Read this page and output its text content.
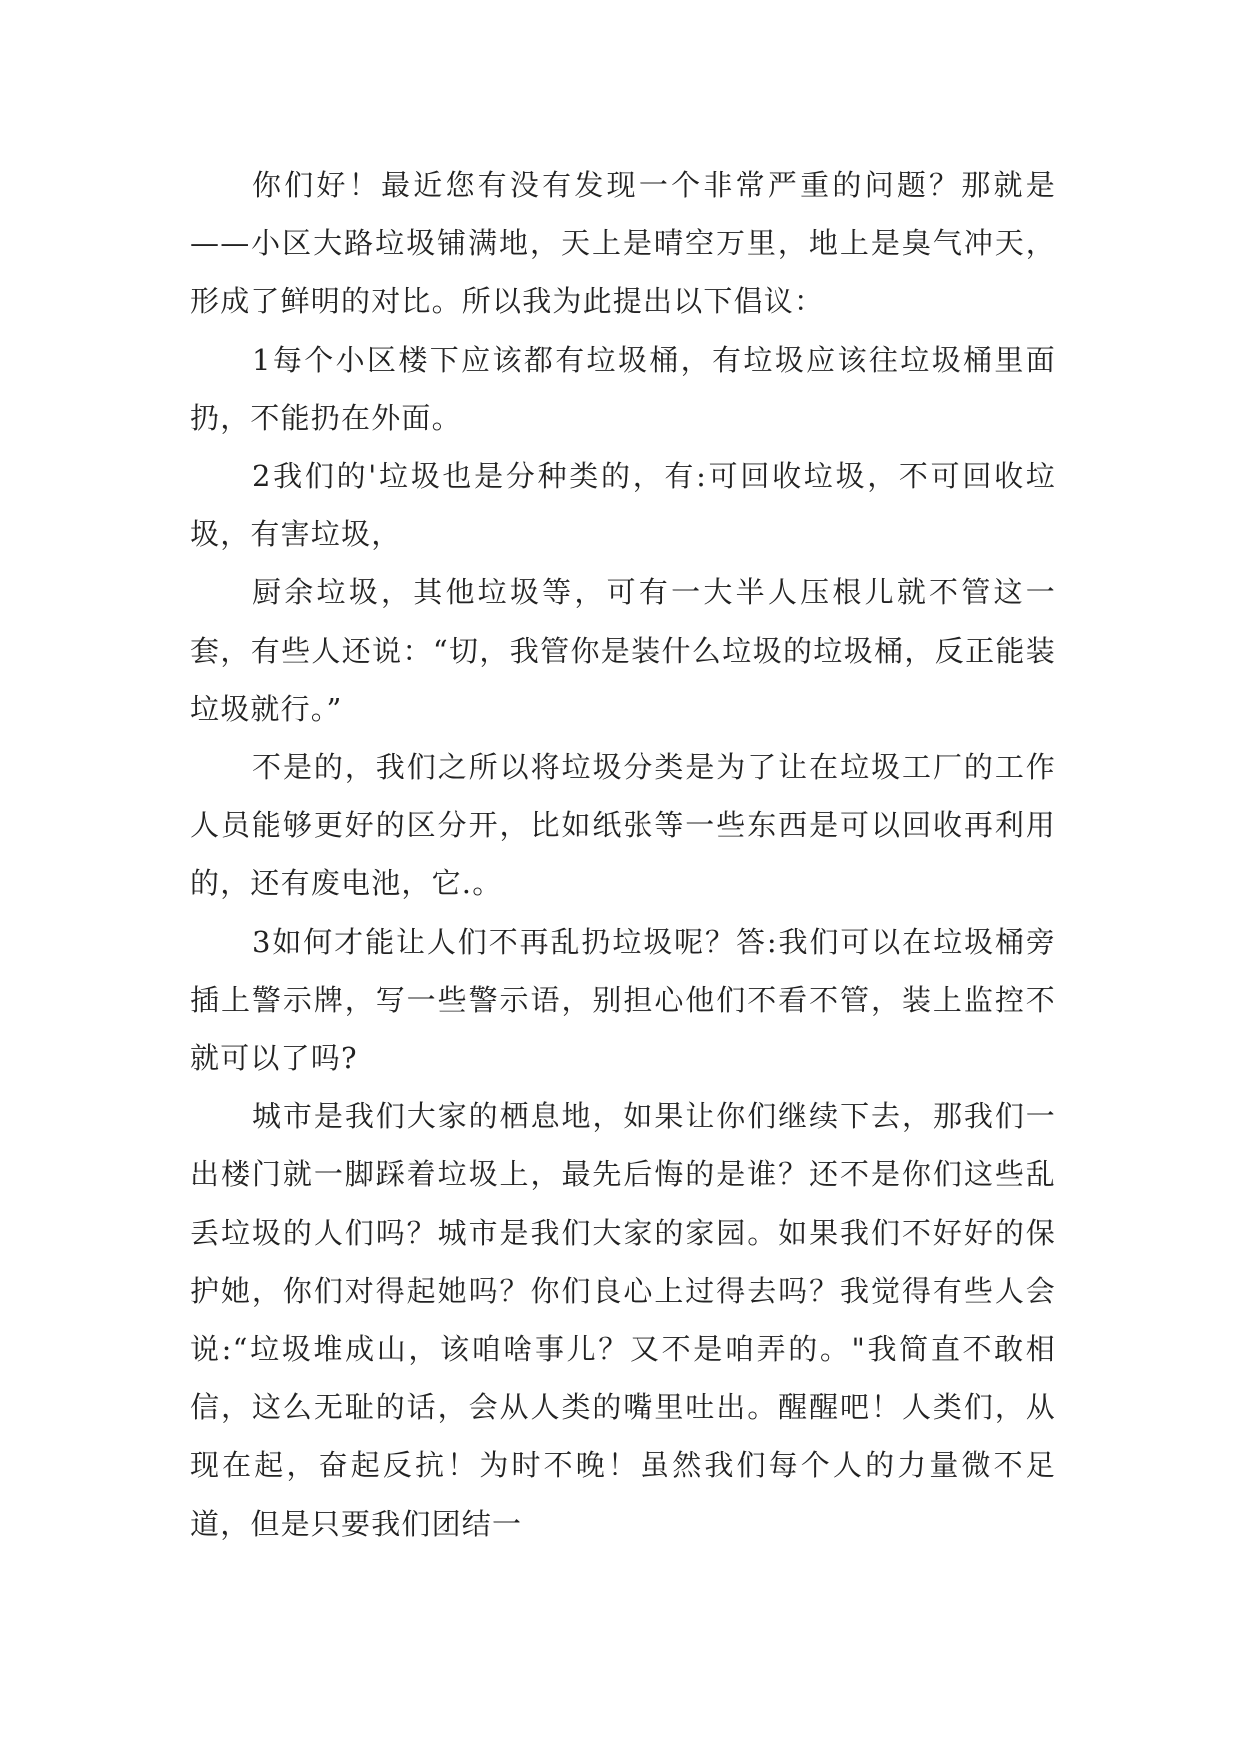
你们好！最近您有没有发现一个非常严重的问题？那就是——小区大路垃圾铺满地，天上是晴空万里，地上是臭气冲天，形成了鲜明的对比。所以我为此提出以下倡议：

1每个小区楼下应该都有垃圾桶，有垃圾应该往垃圾桶里面扔，不能扔在外面。

2我们的'垃圾也是分种类的，有:可回收垃圾，不可回收垃圾，有害垃圾，

厨余垃圾，其他垃圾等，可有一大半人压根儿就不管这一套，有些人还说：“切，我管你是装什么垃圾的垃圾桶，反正能装垃圾就行。”

不是的，我们之所以将垃圾分类是为了让在垃圾工厂的工作人员能够更好的区分开，比如纸张等一些东西是可以回收再利用的，还有废电池，它.。

3如何才能让人们不再乱扔垃圾呢？答:我们可以在垃圾桶旁插上警示牌，写一些警示语，别担心他们不看不管，装上监控不就可以了吗?

城市是我们大家的栖息地，如果让你们继续下去，那我们一出楼门就一脚踩着垃圾上，最先后悔的是谁？还不是你们这些乱丢垃圾的人们吗？城市是我们大家的家园。如果我们不好好的保护她，你们对得起她吗？你们良心上过得去吗？我觉得有些人会说:“垃圾堆成山，该咱啥事儿？又不是咱弄的。"我简直不敢相信，这么无耻的话，会从人类的嘴里吐出。醒醒吧！人类们，从现在起，奋起反抗！为时不晚！虽然我们每个人的力量微不足道，但是只要我们团结一
